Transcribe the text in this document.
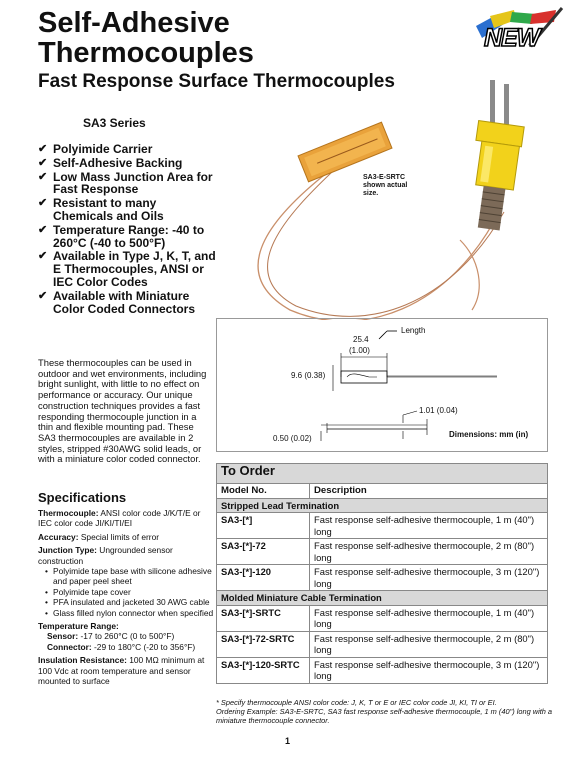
Self-Adhesive Thermocouples
Fast Response Surface Thermocouples
SA3 Series
NEW
✔ Polyimide Carrier
✔ Self-Adhesive Backing
✔ Low Mass Junction Area for Fast Response
✔ Resistant to many Chemicals and Oils
✔ Temperature Range: -40 to 260°C (-40 to 500°F)
✔ Available in Type J, K, T, and E Thermocouples, ANSI or IEC Color Codes
✔ Available with Miniature Color Coded Connectors
SA3-E-SRTC shown actual size.
These thermocouples can be used in outdoor and wet environments, including bright sunlight, with little to no effect on performance or accuracy. Our unique construction techniques provides a fast responding thermocouple junction in a thin and flexible mounting pad. These SA3 thermocouples are available in 2 styles, stripped #30AWG solid leads, or with a miniature color coded connector.
Length
25.4
(1.00)
9.6 (0.38)
1.01 (0.04)
0.50 (0.02)	Dimensions: mm (in)
Specifications
Thermocouple: ANSI color code J/K/T/E or IEC color code JI/KI/TI/EI
Accuracy: Special limits of error
Junction Type: Ungrounded sensor construction
• Polyimide tape base with silicone adhesive and paper peel sheet
• Polyimide tape cover
• PFA insulated and jacketed 30 AWG cable
• Glass filled nylon connector when specified
Temperature Range:
Sensor: -17 to 260°C (0 to 500°F)
Connector: -29 to 180°C (-20 to 356°F)
Insulation Resistance: 100 MΩ minimum at 100 Vdc at room temperature and sensor mounted to surface
To Order	
Model No.	Description
Stripped Lead Termination	
SA3-[*]	Fast response self-adhesive thermocouple, 1 m (40") long
SA3-[*]-72	Fast response self-adhesive thermocouple, 2 m (80") long
SA3-[*]-120	Fast response self-adhesive thermocouple, 3 m (120") long
Molded Miniature Cable Termination	
SA3-[*]-SRTC	Fast response self-adhesive thermocouple, 1 m (40") long
SA3-[*]-72-SRTC	Fast response self-adhesive thermocouple, 2 m (80") long
SA3-[*]-120-SRTC	Fast response self-adhesive thermocouple, 3 m (120") long
* Specify thermocouple ANSI color code: J, K, T or E or IEC color code JI, KI, TI or EI.
Ordering Example: SA3-E-SRTC, SA3 fast response self-adhesive thermocouple, 1 m (40") long with a miniature thermocouple connector.
1
